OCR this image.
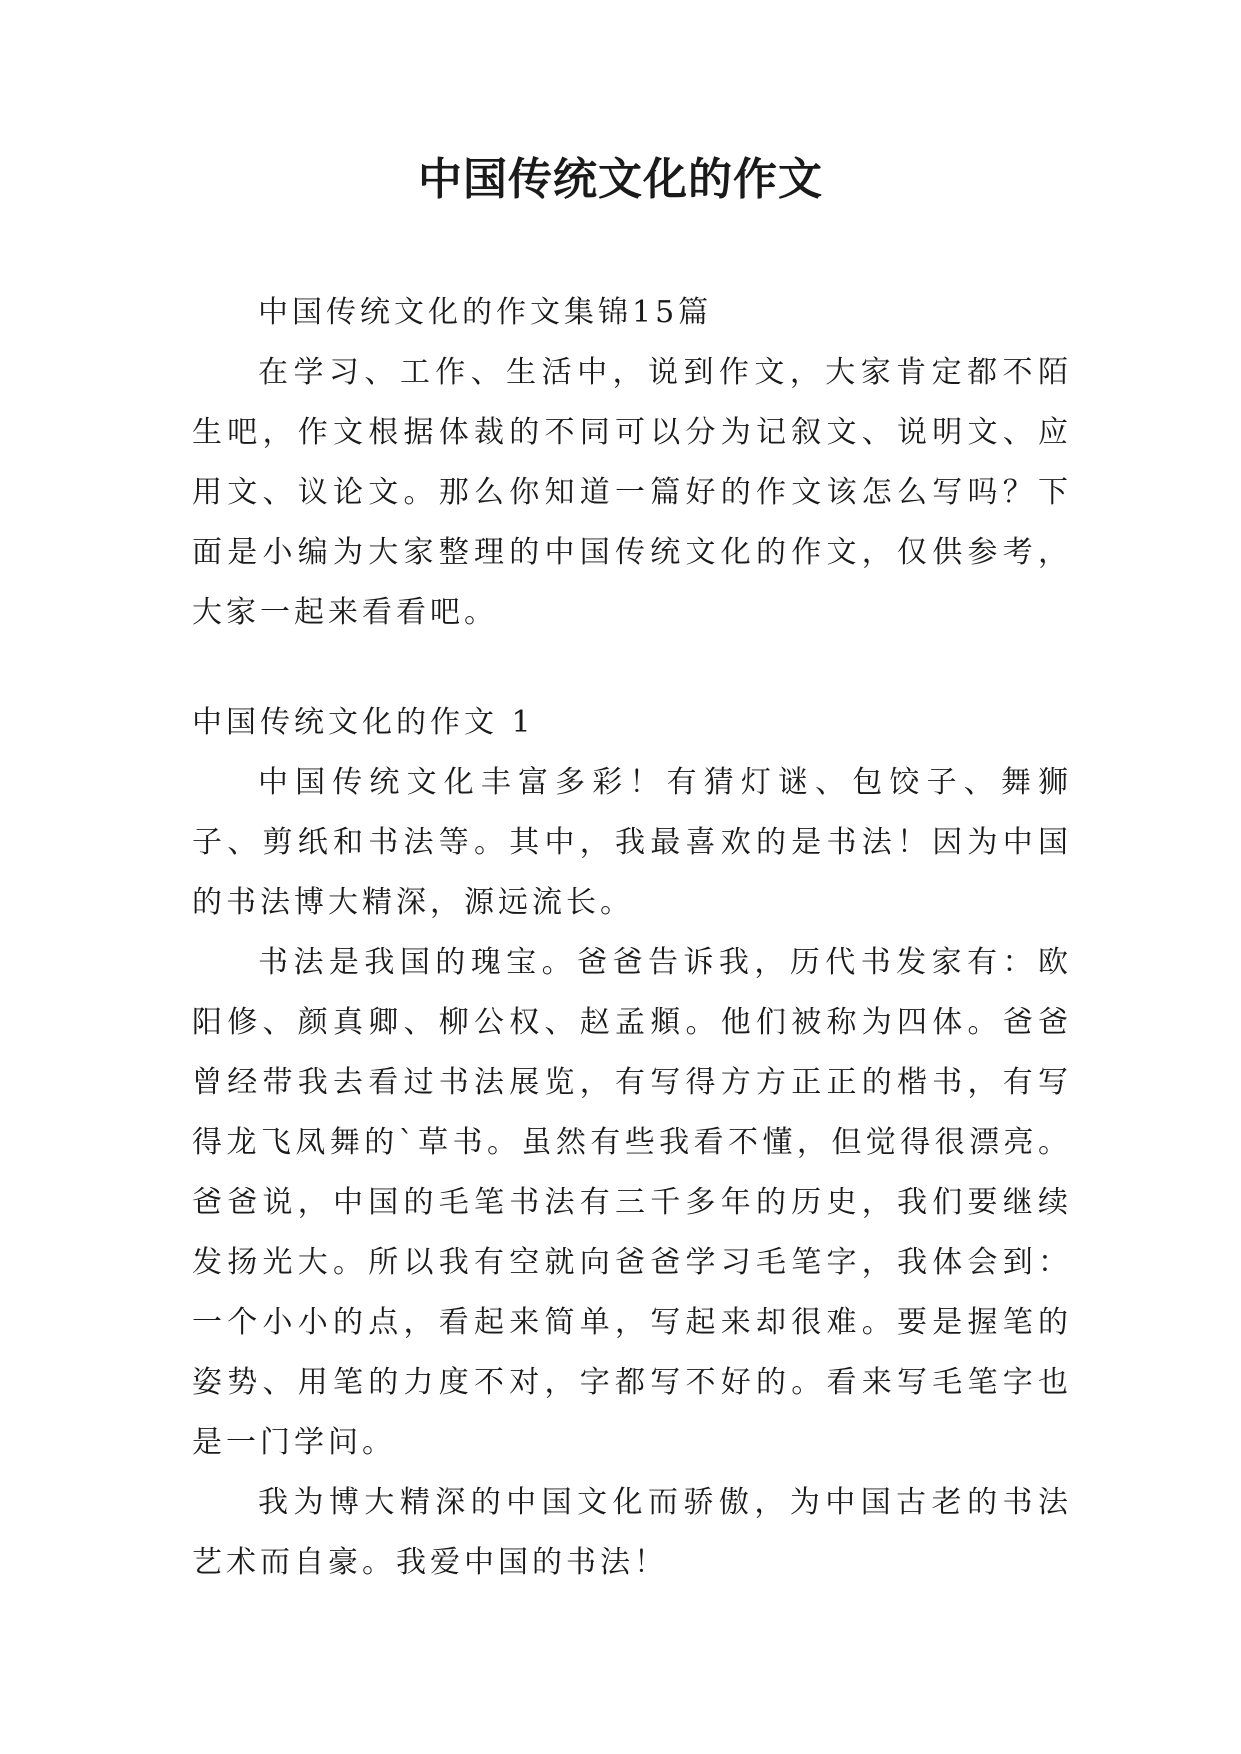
中国传统文化的作文

中国传统文化的作文集锦15篇

在学习、工作、生活中，说到作文，大家肯定都不陌生吧，作文根据体裁的不同可以分为记叙文、说明文、应用文、议论文。那么你知道一篇好的作文该怎么写吗？下面是小编为大家整理的中国传统文化的作文，仅供参考，大家一起来看看吧。

中国传统文化的作文 1

中国传统文化丰富多彩！有猜灯谜、包饺子、舞狮子、剪纸和书法等。其中，我最喜欢的是书法！因为中国的书法博大精深，源远流长。

书法是我国的瑰宝。爸爸告诉我，历代书发家有：欧阳修、颜真卿、柳公权、赵孟頫。他们被称为四体。爸爸曾经带我去看过书法展览，有写得方方正正的楷书，有写得龙飞凤舞的`草书。虽然有些我看不懂，但觉得很漂亮。爸爸说，中国的毛笔书法有三千多年的历史，我们要继续发扬光大。所以我有空就向爸爸学习毛笔字，我体会到：一个小小的点，看起来简单，写起来却很难。要是握笔的姿势、用笔的力度不对，字都写不好的。看来写毛笔字也是一门学问。

我为博大精深的中国文化而骄傲，为中国古老的书法艺术而自豪。我爱中国的书法！
